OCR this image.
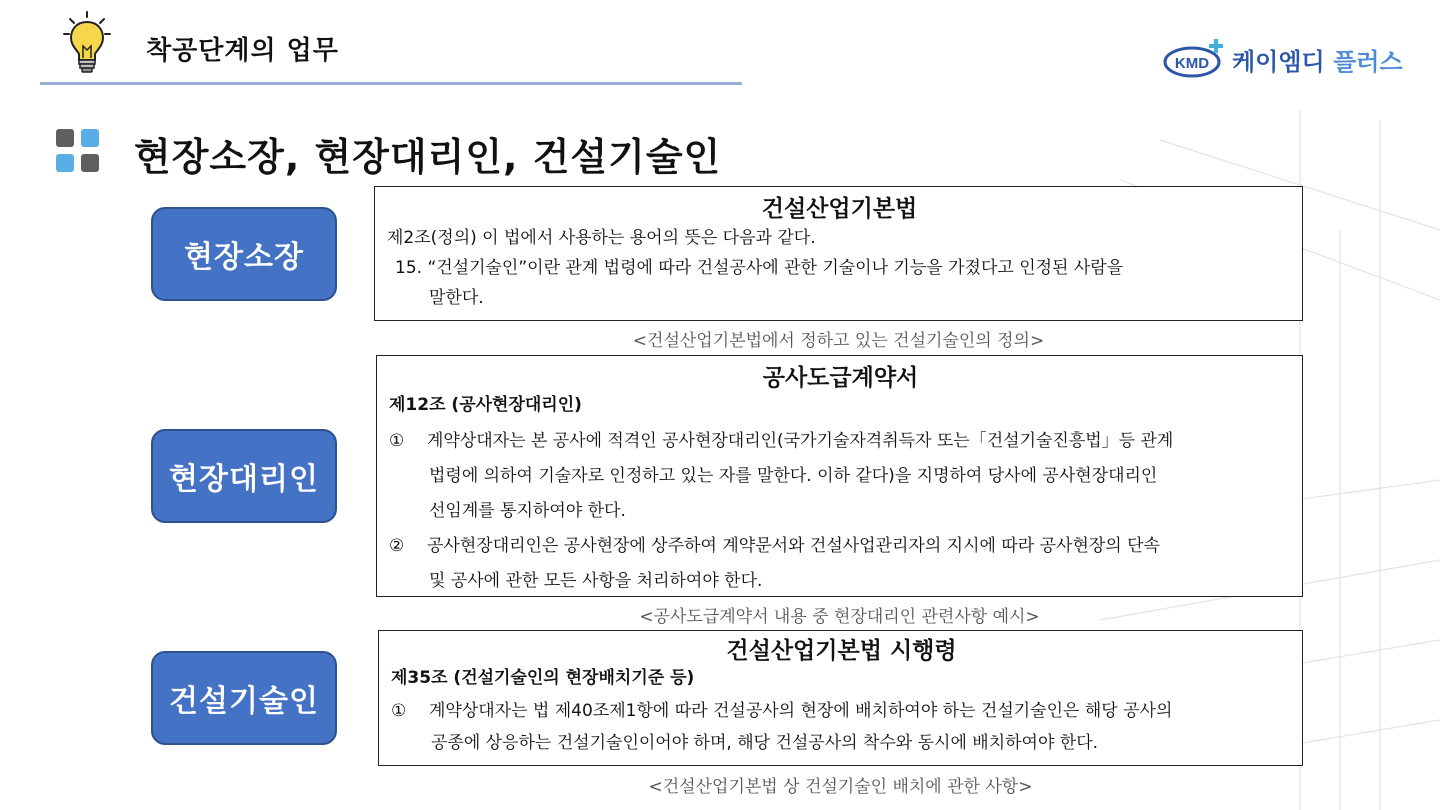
착공단계의 업무	KMD 케이엠디 플러스
현장소장, 현장대리인, 건설기술인
현장소장
현장대리인
건설기술인
건설산업기본법
제2조(정의) 이 법에서 사용하는 용어의 뜻은 다음과 같다.
15. “건설기술인”이란 관계 법령에 따라 건설공사에 관한 기술이나 기능을 가졌다고 인정된 사람을
말한다.
<건설산업기본법에서 정하고 있는 건설기술인의 정의>
공사도급계약서
제12조 (공사현장대리인)
① 계약상대자는 본 공사에 적격인 공사현장대리인(국가기술자격취득자 또는「건설기술진흥법」등 관계
법령에 의하여 기술자로 인정하고 있는 자를 말한다. 이하 같다)을 지명하여 당사에 공사현장대리인
선임계를 통지하여야 한다.
② 공사현장대리인은 공사현장에 상주하여 계약문서와 건설사업관리자의 지시에 따라 공사현장의 단속
및 공사에 관한 모든 사항을 처리하여야 한다.
<공사도급계약서 내용 중 현장대리인 관련사항 예시>
건설산업기본법 시행령
제35조 (건설기술인의 현장배치기준 등)
① 계약상대자는 법 제40조제1항에 따라 건설공사의 현장에 배치하여야 하는 건설기술인은 해당 공사의
공종에 상응하는 건설기술인이어야 하며, 해당 건설공사의 착수와 동시에 배치하여야 한다.
<건설산업기본법 상 건설기술인 배치에 관한 사항>
